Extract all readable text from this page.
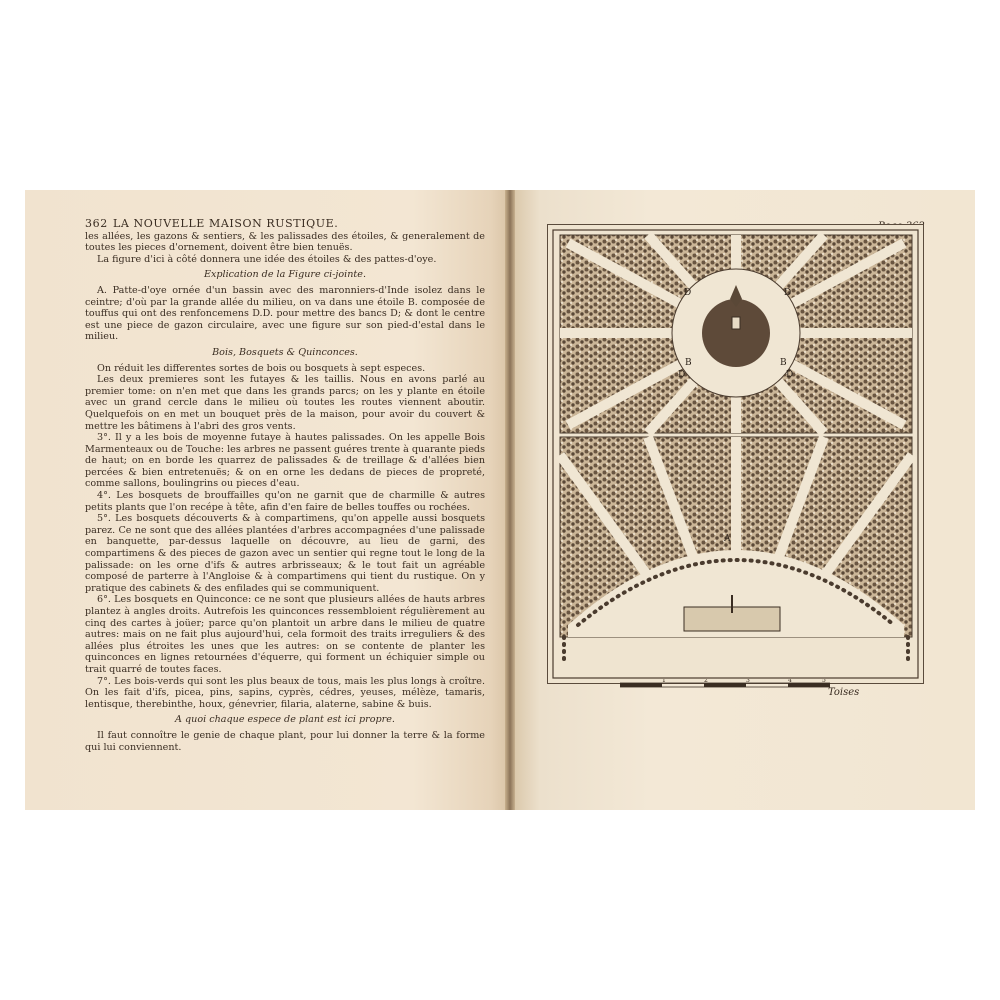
362 LA NOUVELLE MAISON RUSTIQUE.

les allées, les gazons & sentiers, & les palissades des étoiles, & generalement de toutes les pieces d'ornement, doivent être bien tenuës.

La figure d'ici à côté donnera une idée des étoiles & des pattes-d'oye.

Explication de la Figure ci-jointe.

A. Patte-d'oye ornée d'un bassin avec des maronniers-d'Inde isolez dans le ceintre; d'où par la grande allée du milieu, on va dans une étoile B. composée de touffus qui ont des renfoncemens D.D. pour mettre des bancs D; & dont le centre est une piece de gazon circulaire, avec une figure sur son pied-d'estal dans le milieu.

Bois, Bosquets & Quinconces.

On réduit les differentes sortes de bois ou bosquets à sept especes.

Les deux premieres sont les futayes & les taillis. Nous en avons parlé au premier tome: on n'en met que dans les grands parcs; on les y plante en étoile avec un grand cercle dans le milieu où toutes les routes viennent aboutir. Quelquefois on en met un bouquet près de la maison, pour avoir du couvert & mettre les bâtimens à l'abri des gros vents.

3°. Il y a les bois de moyenne futaye à hautes palissades. On les appelle Bois Marmenteaux ou de Touche: les arbres ne passent guéres trente à quarante pieds de haut; on en borde les quarrez de palissades & de treillage & d'allées bien percées & bien entretenuës; & on en orne les dedans de pieces de propreté, comme sallons, boulingrins ou pieces d'eau.

4°. Les bosquets de brouffailles qu'on ne garnit que de charmille & autres petits plants que l'on recépe à tête, afin d'en faire de belles touffes ou rochées.

5°. Les bosquets découverts & à compartimens, qu'on appelle aussi bosquets parez. Ce ne sont que des allées plantées d'arbres accompagnées d'une palissade en banquette, par-dessus laquelle on découvre, au lieu de garni, des compartimens & des pieces de gazon avec un sentier qui regne tout le long de la palissade: on les orne d'ifs & autres arbrisseaux; & le tout fait un agréable composé de parterre à l'Angloise & à compartimens qui tient du rustique. On y pratique des cabinets & des enfilades qui se communiquent.

6°. Les bosquets en Quinconce: ce ne sont que plusieurs allées de hauts arbres plantez à angles droits. Autrefois les quinconces ressembloient régulièrement au cinq des cartes à joüer; parce qu'on plantoit un arbre dans le milieu de quatre autres: mais on ne fait plus aujourd'hui, cela formoit des traits irreguliers & des allées plus étroites les unes que les autres: on se contente de planter les quinconces en lignes retournées d'équerre, qui forment un échiquier simple ou trait quarré de toutes faces.

7°. Les bois-verds qui sont les plus beaux de tous, mais les plus longs à croître. On les fait d'ifs, picea, pins, sapins, cyprès, cédres, yeuses, mélèze, tamaris, lentisque, therebinthe, houx, génevrier, filaria, alaterne, sabine & buis.

A quoi chaque espece de plant est ici propre.

Il faut connoître le genie de chaque plant, pour lui donner la terre & la forme qui lui conviennent.

B	B
D	D
D	D
A
1	2	3	4	5
Toises
